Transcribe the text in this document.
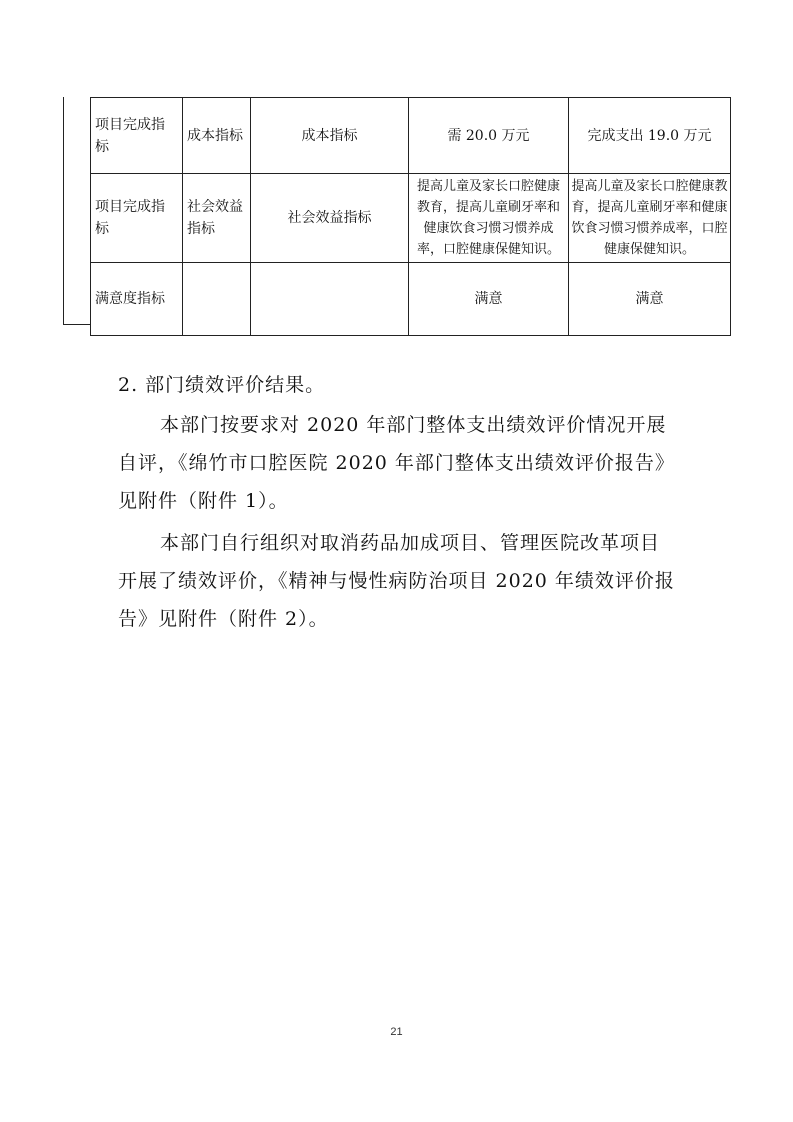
项目完成指标	成本指标	成本指标	需 20.0 万元	完成支出 19.0 万元
项目完成指标	社会效益指标	社会效益指标	提高儿童及家长口腔健康教育，提高儿童刷牙率和健康饮食习惯习惯养成率，口腔健康保健知识。	提高儿童及家长口腔健康教育，提高儿童刷牙率和健康饮食习惯习惯养成率，口腔健康保健知识。
满意度指标			满意	满意
2. 部门绩效评价结果。

本部门按要求对 2020 年部门整体支出绩效评价情况开展自评，《绵竹市口腔医院 2020 年部门整体支出绩效评价报告》见附件（附件 1）。

本部门自行组织对取消药品加成项目、管理医院改革项目开展了绩效评价，《精神与慢性病防治项目 2020 年绩效评价报告》见附件（附件 2）。

21
